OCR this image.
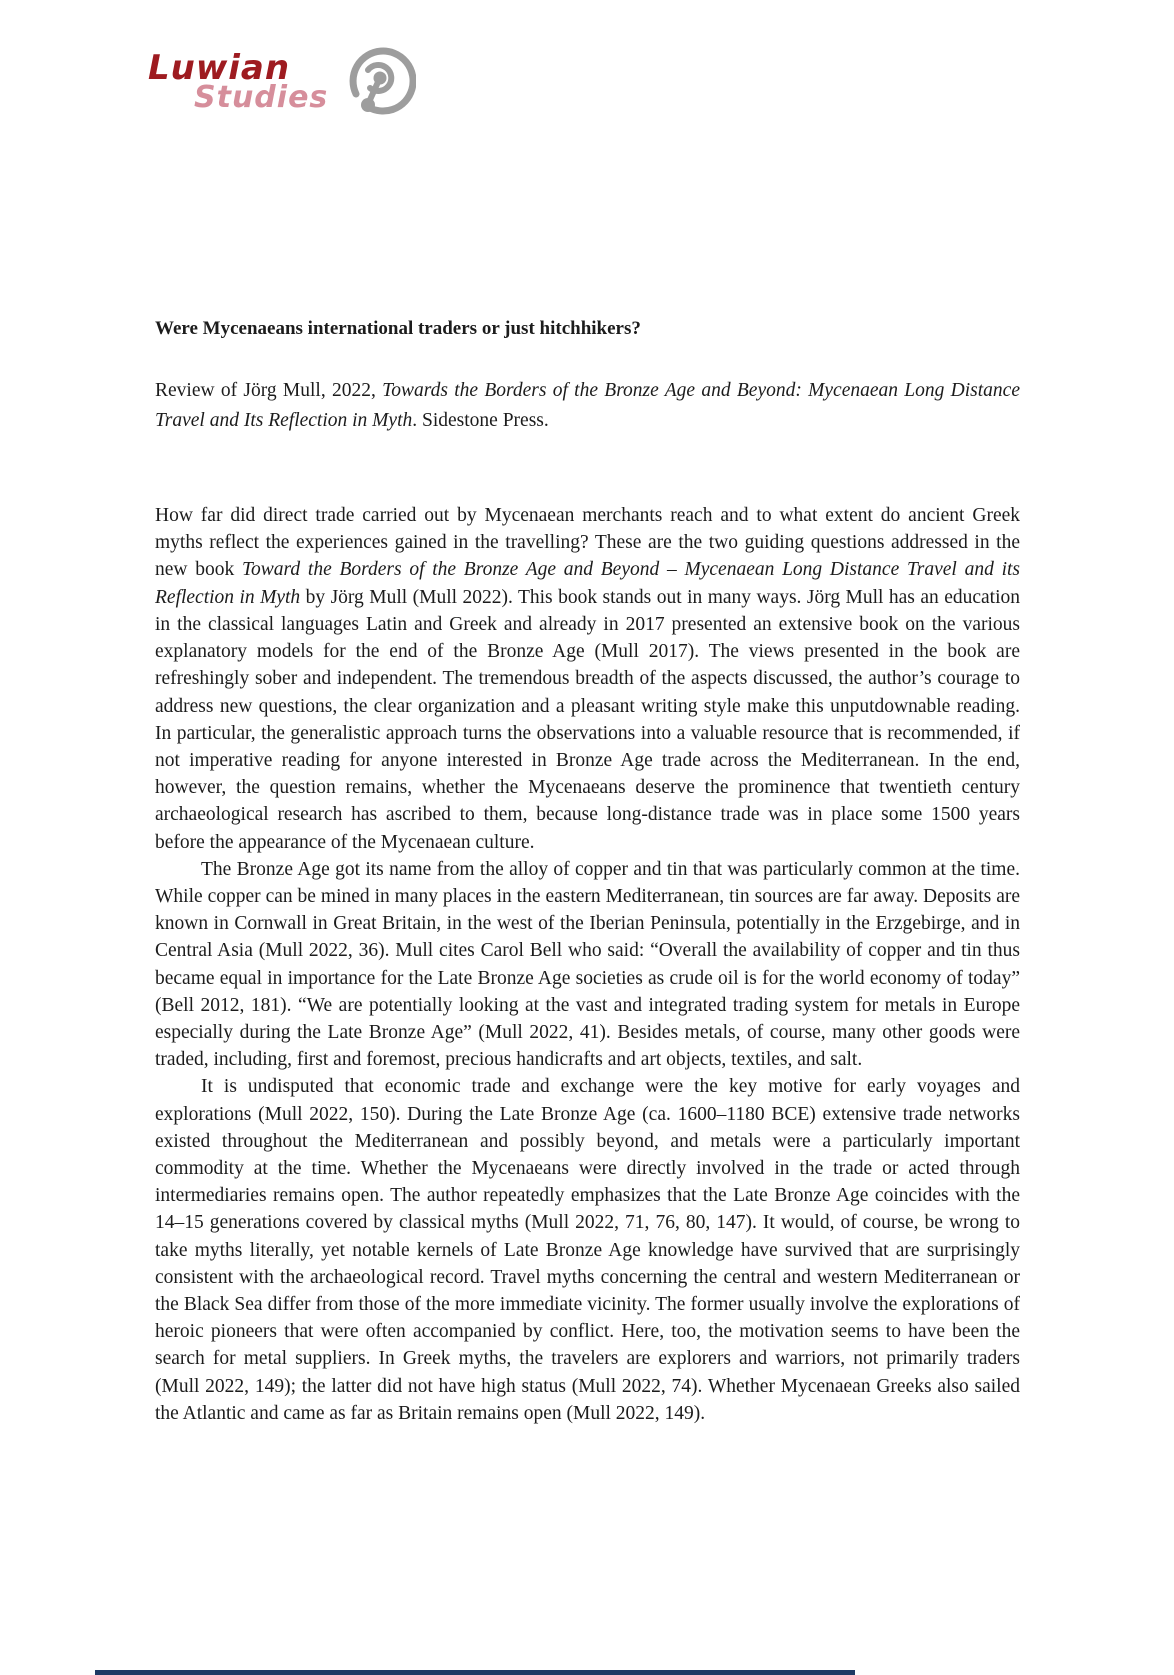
Luwian
Studies
Were Mycenaeans international traders or just hitchhikers?

Review of Jörg Mull, 2022, Towards the Borders of the Bronze Age and Beyond: Mycenaean Long Distance Travel and Its Reflection in Myth. Sidestone Press.

How far did direct trade carried out by Mycenaean merchants reach and to what extent do ancient Greek myths reflect the experiences gained in the travelling? These are the two guiding questions addressed in the new book Toward the Borders of the Bronze Age and Beyond – Mycenaean Long Distance Travel and its Reflection in Myth by Jörg Mull (Mull 2022). This book stands out in many ways. Jörg Mull has an education in the classical languages Latin and Greek and already in 2017 presented an extensive book on the various explanatory models for the end of the Bronze Age (Mull 2017). The views presented in the book are refreshingly sober and independent. The tremendous breadth of the aspects discussed, the author’s courage to address new questions, the clear organization and a pleasant writing style make this unputdownable reading. In particular, the generalistic approach turns the observations into a valuable resource that is recommended, if not imperative reading for anyone interested in Bronze Age trade across the Mediterranean. In the end, however, the question remains, whether the Mycenaeans deserve the prominence that twentieth century archaeological research has ascribed to them, because long-distance trade was in place some 1500 years before the appearance of the Mycenaean culture.

The Bronze Age got its name from the alloy of copper and tin that was particularly common at the time. While copper can be mined in many places in the eastern Mediterranean, tin sources are far away. Deposits are known in Cornwall in Great Britain, in the west of the Iberian Peninsula, potentially in the Erzgebirge, and in Central Asia (Mull 2022, 36). Mull cites Carol Bell who said: “Overall the availability of copper and tin thus became equal in importance for the Late Bronze Age societies as crude oil is for the world economy of today” (Bell 2012, 181). “We are potentially looking at the vast and integrated trading system for metals in Europe especially during the Late Bronze Age” (Mull 2022, 41). Besides metals, of course, many other goods were traded, including, first and foremost, precious handicrafts and art objects, textiles, and salt.

It is undisputed that economic trade and exchange were the key motive for early voyages and explorations (Mull 2022, 150). During the Late Bronze Age (ca. 1600–1180 BCE) extensive trade networks existed throughout the Mediterranean and possibly beyond, and metals were a particularly important commodity at the time. Whether the Mycenaeans were directly involved in the trade or acted through intermediaries remains open. The author repeatedly emphasizes that the Late Bronze Age coincides with the 14–15 generations covered by classical myths (Mull 2022, 71, 76, 80, 147). It would, of course, be wrong to take myths literally, yet notable kernels of Late Bronze Age knowledge have survived that are surprisingly consistent with the archaeological record. Travel myths concerning the central and western Mediterranean or the Black Sea differ from those of the more immediate vicinity. The former usually involve the explorations of heroic pioneers that were often accompanied by conflict. Here, too, the motivation seems to have been the search for metal suppliers. In Greek myths, the travelers are explorers and warriors, not primarily traders (Mull 2022, 149); the latter did not have high status (Mull 2022, 74). Whether Mycenaean Greeks also sailed the Atlantic and came as far as Britain remains open (Mull 2022, 149).
